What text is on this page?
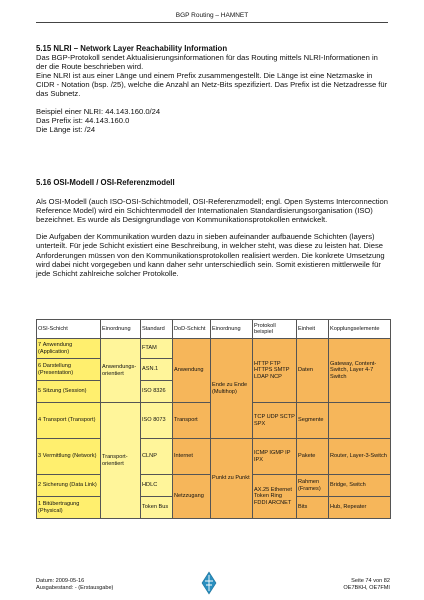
BGP Routing – HAMNET

5.15 NLRI – Network Layer Reachability Information

Das BGP-Protokoll sendet Aktualisierungsinformationen für das Routing mittels NLRI-Informationen in der die Route beschrieben wird.

Eine NLRI ist aus einer Länge und einem Prefix zusammengestellt. Die Länge ist eine Netzmaske in CIDR - Notation (bsp. /25), welche die Anzahl an Netz-Bits spezifiziert. Das Prefix ist die Netzadresse für das Subnetz.

Beispiel einer NLRI: 44.143.160.0/24

Das Prefix ist: 44.143.160.0

Die Länge ist: /24

5.16 OSI-Modell / OSI-Referenzmodell

Als OSI-Modell (auch ISO-OSI-Schichtmodell, OSI-Referenzmodell; engl. Open Systems Interconnection Reference Model) wird ein Schichtenmodell der Internationalen Standardisierungsorganisation (ISO) bezeichnet. Es wurde als Designgrundlage von Kommunikationsprotokollen entwickelt.

Die Aufgaben der Kommunikation wurden dazu in sieben aufeinander aufbauende Schichten (layers) unterteilt. Für jede Schicht existiert eine Beschreibung, in welcher steht, was diese zu leisten hat. Diese Anforderungen müssen von den Kommunikationsprotokollen realisiert werden. Die konkrete Umsetzung wird dabei nicht vorgegeben und kann daher sehr unterschiedlich sein. Somit existieren mittlerweile für jede Schicht zahlreiche solcher Protokolle.

OSI-Schicht	Einordnung	Standard	DoD-Schicht	Einordnung	Protokoll beispiel	Einheit	Kopplungselemente
7 Anwendung (Application)	Anwendungs-orientiert	FTAM	Anwendung	Ende zu Ende (Multihop)	HTTP FTP HTTPS SMTP LDAP NCP	Daten	Gateway, Content-Switch, Layer 4-7 Switch
6 Darstellung (Presentation)		ASN.1					
5 Sitzung (Session)		ISO 8326					
4 Transport (Transport)	Transport-orientiert	ISO 8073	Transport		TCP UDP SCTP SPX	Segmente	
3 Vermittlung (Network)		CLNP	Internet	Punkt zu Punkt	ICMP IGMP IP IPX	Pakete	Router, Layer-3-Switch
2 Sicherung (Data Link)		HDLC	Netzzugang		AX.25 Ethernet Token Ring FDDI ARCNET	Rahmen (Frames)	Bridge, Switch
1 Bitübertragung (Physical)		Token Bus				Bits	Hub, Repeater
Datum: 2009-05-16
Ausgabestand: - (Erstausgabe)
Seite 74 von 82
OE7BKH, OE7FMI
